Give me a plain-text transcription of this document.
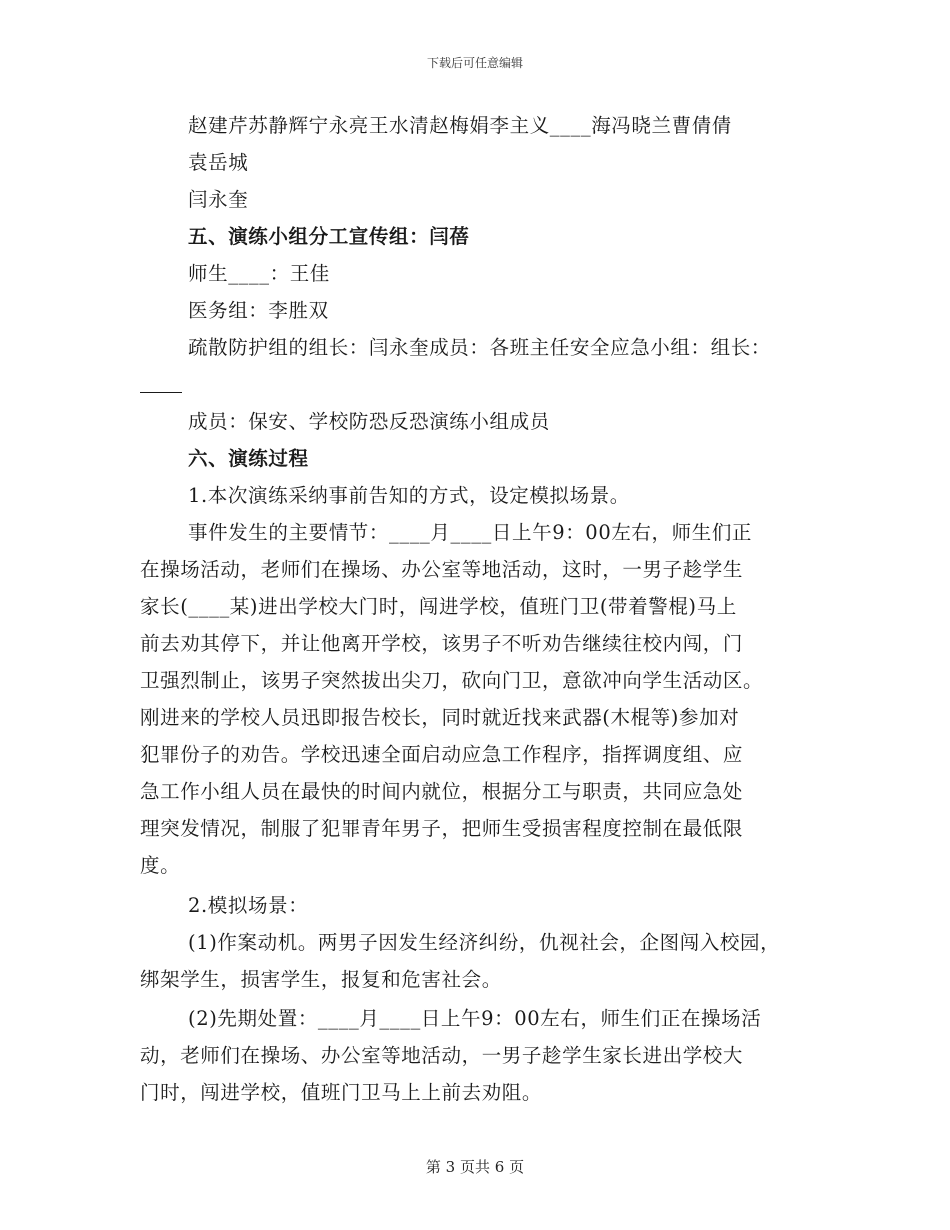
下载后可任意编辑
赵建芹苏静辉宁永亮王水清赵梅娟李主义____海冯晓兰曹倩倩
袁岳城
闫永奎
五、演练小组分工宣传组：闫蓓
师生____：王佳
医务组：李胜双
疏散防护组的组长：闫永奎成员：各班主任安全应急小组：组长：
成员：保安、学校防恐反恐演练小组成员
六、演练过程
1.本次演练采纳事前告知的方式，设定模拟场景。
事件发生的主要情节：____月____日上午9：00左右，师生们正
在操场活动，老师们在操场、办公室等地活动，这时，一男子趁学生
家长(____某)进出学校大门时，闯进学校，值班门卫(带着警棍)马上
前去劝其停下，并让他离开学校，该男子不听劝告继续往校内闯，门
卫强烈制止，该男子突然拔出尖刀，砍向门卫，意欲冲向学生活动区。
刚进来的学校人员迅即报告校长，同时就近找来武器(木棍等)参加对
犯罪份子的劝告。学校迅速全面启动应急工作程序，指挥调度组、应
急工作小组人员在最快的时间内就位，根据分工与职责，共同应急处
理突发情况，制服了犯罪青年男子，把师生受损害程度控制在最低限
度。
2.模拟场景：
(1)作案动机。两男子因发生经济纠纷，仇视社会，企图闯入校园，
绑架学生，损害学生，报复和危害社会。
(2)先期处置：____月____日上午9：00左右，师生们正在操场活
动，老师们在操场、办公室等地活动，一男子趁学生家长进出学校大
门时，闯进学校，值班门卫马上上前去劝阻。
第 3 页共 6 页
